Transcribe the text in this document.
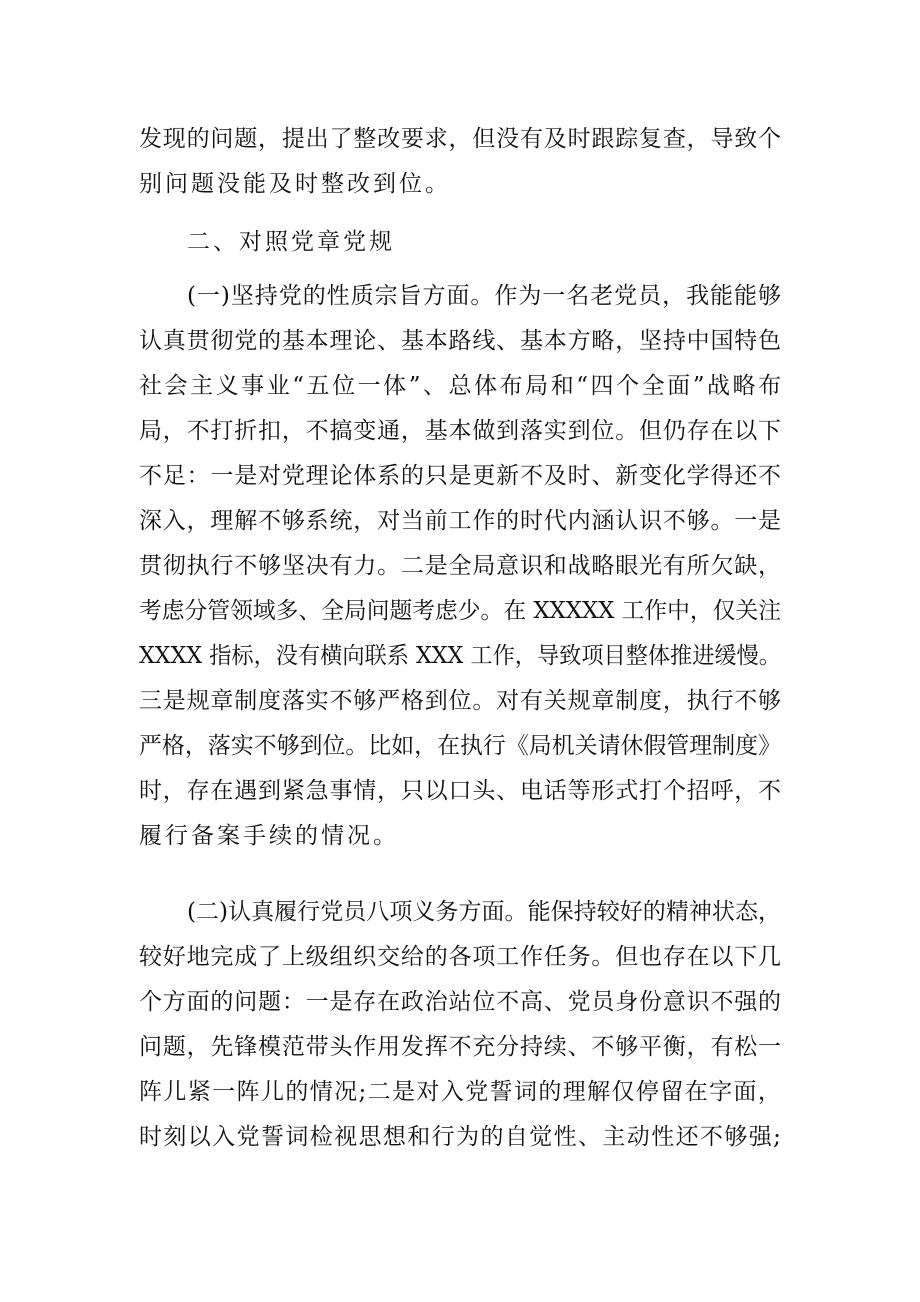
发现的问题，提出了整改要求，但没有及时跟踪复查，导致个
别问题没能及时整改到位。
二、对照党章党规
(一)坚持党的性质宗旨方面。作为一名老党员，我能能够
认真贯彻党的基本理论、基本路线、基本方略，坚持中国特色
社会主义事业“五位一体”、总体布局和“四个全面”战略布
局，不打折扣，不搞变通，基本做到落实到位。但仍存在以下
不足：一是对党理论体系的只是更新不及时、新变化学得还不
深入，理解不够系统，对当前工作的时代内涵认识不够。一是
贯彻执行不够坚决有力。二是全局意识和战略眼光有所欠缺，
考虑分管领域多、全局问题考虑少。在 XXXXX 工作中，仅关注
XXXX 指标，没有横向联系 XXX 工作，导致项目整体推进缓慢。
三是规章制度落实不够严格到位。对有关规章制度，执行不够
严格，落实不够到位。比如，在执行《局机关请休假管理制度》
时，存在遇到紧急事情，只以口头、电话等形式打个招呼，不
履行备案手续的情况。
(二)认真履行党员八项义务方面。能保持较好的精神状态，
较好地完成了上级组织交给的各项工作任务。但也存在以下几
个方面的问题：一是存在政治站位不高、党员身份意识不强的
问题，先锋模范带头作用发挥不充分持续、不够平衡，有松一
阵儿紧一阵儿的情况;二是对入党誓词的理解仅停留在字面，
时刻以入党誓词检视思想和行为的自觉性、主动性还不够强;
